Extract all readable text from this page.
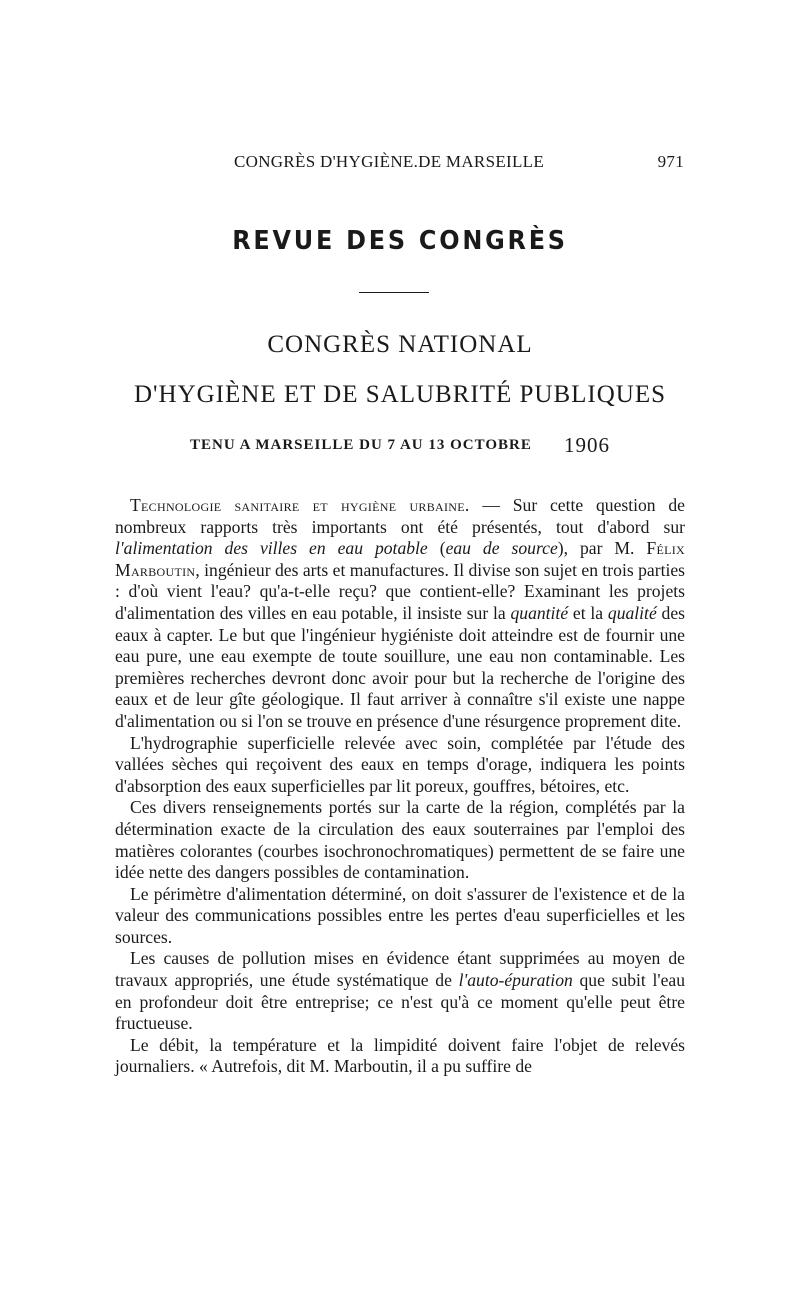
CONGRÈS D'HYGIÈNE.DE MARSEILLE	971
REVUE DES CONGRÈS
CONGRÈS NATIONAL
D'HYGIÈNE ET DE SALUBRITÉ PUBLIQUES
TENU A MARSEILLE DU 7 AU 13 OCTOBRE 1906

Technologie sanitaire et hygiène urbaine. — Sur cette question de nombreux rapports très importants ont été présentés, tout d'abord sur l'alimentation des villes en eau potable (eau de source), par M. Félix Marboutin, ingénieur des arts et manufactures. Il divise son sujet en trois parties : d'où vient l'eau? qu'a-t-elle reçu? que contient-elle? Examinant les projets d'alimentation des villes en eau potable, il insiste sur la quantité et la qualité des eaux à capter. Le but que l'ingénieur hygiéniste doit atteindre est de fournir une eau pure, une eau exempte de toute souillure, une eau non contaminable. Les premières recherches devront donc avoir pour but la recherche de l'origine des eaux et de leur gîte géologique. Il faut arriver à connaître s'il existe une nappe d'alimentation ou si l'on se trouve en présence d'une résurgence proprement dite.

L'hydrographie superficielle relevée avec soin, complétée par l'étude des vallées sèches qui reçoivent des eaux en temps d'orage, indiquera les points d'absorption des eaux superficielles par lit poreux, gouffres, bétoires, etc.

Ces divers renseignements portés sur la carte de la région, complétés par la détermination exacte de la circulation des eaux souterraines par l'emploi des matières colorantes (courbes isochronochromatiques) permettent de se faire une idée nette des dangers possibles de contamination.

Le périmètre d'alimentation déterminé, on doit s'assurer de l'existence et de la valeur des communications possibles entre les pertes d'eau superficielles et les sources.

Les causes de pollution mises en évidence étant supprimées au moyen de travaux appropriés, une étude systématique de l'auto-épuration que subit l'eau en profondeur doit être entreprise; ce n'est qu'à ce moment qu'elle peut être fructueuse.

Le débit, la température et la limpidité doivent faire l'objet de relevés journaliers. « Autrefois, dit M. Marboutin, il a pu suffire de
